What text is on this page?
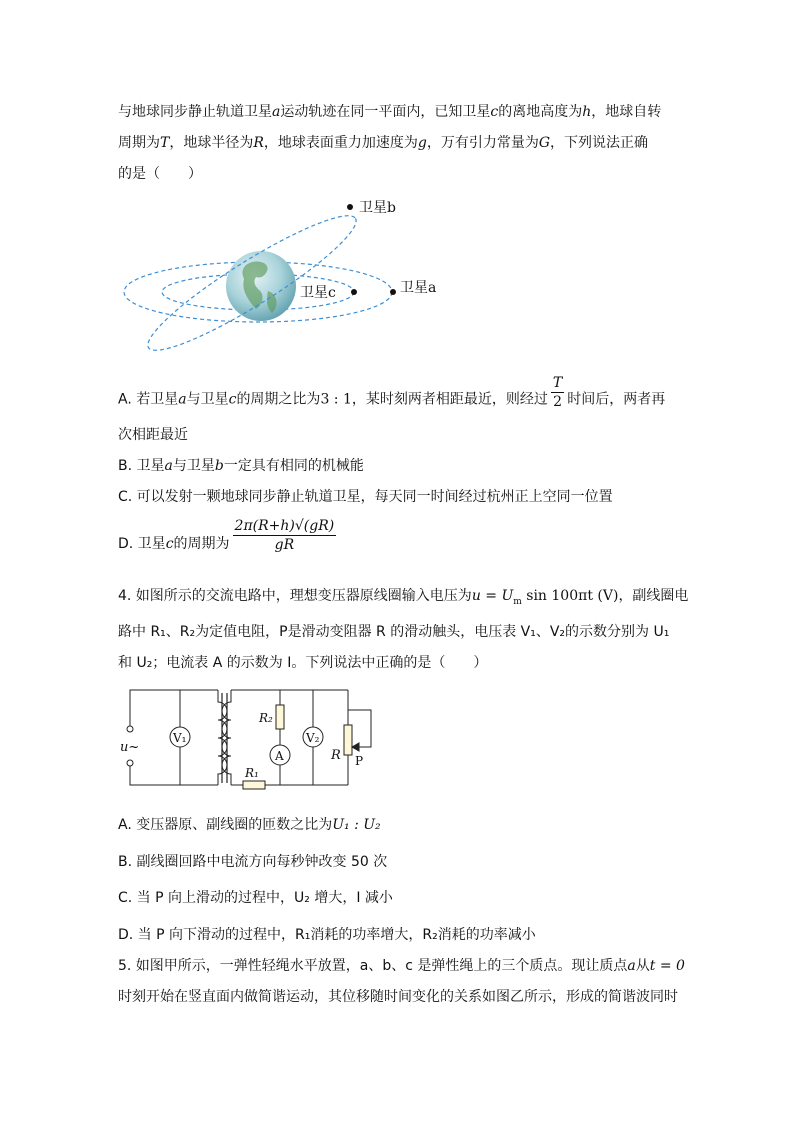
与地球同步静止轨道卫星a运动轨迹在同一平面内，已知卫星c的离地高度为h，地球自转
周期为T，地球半径为R，地球表面重力加速度为g，万有引力常量为G，下列说法正确
的是（　　）
卫星b
卫星c	卫星a
A. 若卫星a与卫星c的周期之比为3 : 1，某时刻两者相距最近，则经过 $\frac{T}{2}$ 时间后，两者再
次相距最近
B. 卫星a与卫星b一定具有相同的机械能
C. 可以发射一颗地球同步静止轨道卫星，每天同一时间经过杭州正上空同一位置
D. 卫星c的周期为 $\frac{2\pi(R+h)√(gR)}{gR}$
4. 如图所示的交流电路中，理想变压器原线圈输入电压为$u = U_m$ sin 100πt (V)，副线圈电
路中 R₁、R₂为定值电阻，P是滑动变阻器 R 的滑动触头，电压表 V₁、V₂的示数分别为 U₁
和 U₂；电流表 A 的示数为 I。下列说法中正确的是（　　）
u~
V₁
R₁
R₂
A
V₂
R P
A. 变压器原、副线圈的匝数之比为U₁ : U₂
B. 副线圈回路中电流方向每秒钟改变 50 次
C. 当 P 向上滑动的过程中，U₂ 增大，I 减小
D. 当 P 向下滑动的过程中，R₁消耗的功率增大，R₂消耗的功率减小
5. 如图甲所示，一弹性轻绳水平放置，a、b、c 是弹性绳上的三个质点。现让质点a从t = 0
时刻开始在竖直面内做简谐运动，其位移随时间变化的关系如图乙所示，形成的简谐波同时
